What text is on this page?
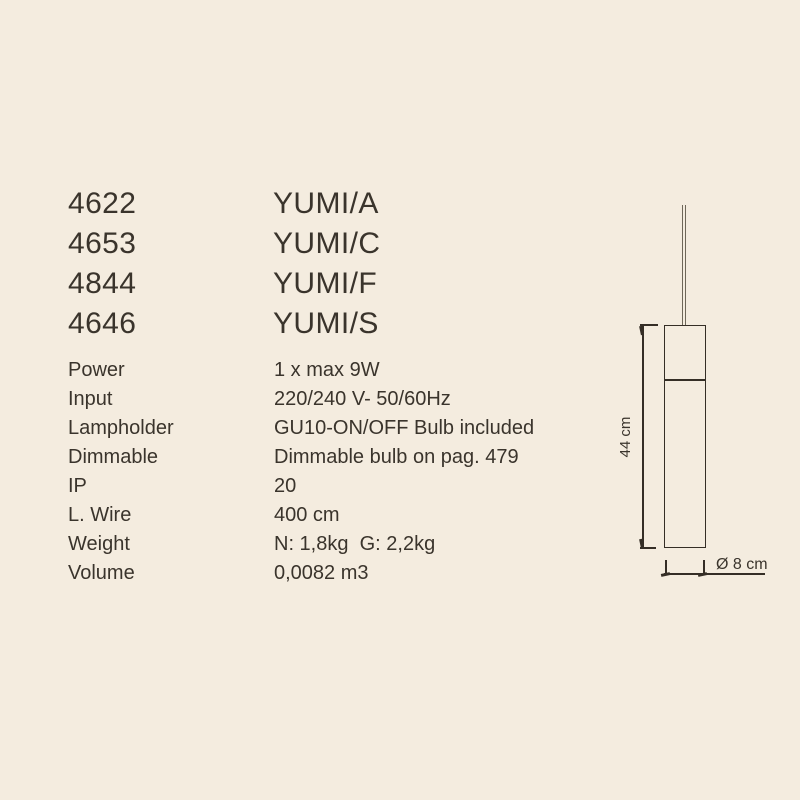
4622	YUMI/A
4653	YUMI/C
4844	YUMI/F
4646	YUMI/S
Power	1 x max 9W
Input	220/240 V- 50/60Hz
Lampholder	GU10-ON/OFF Bulb included
Dimmable	Dimmable bulb on pag. 479
IP	20
L. Wire	400 cm
Weight	N: 1,8kg  G: 2,2kg
Volume	0,0082 m3
44 cm
Ø 8 cm
